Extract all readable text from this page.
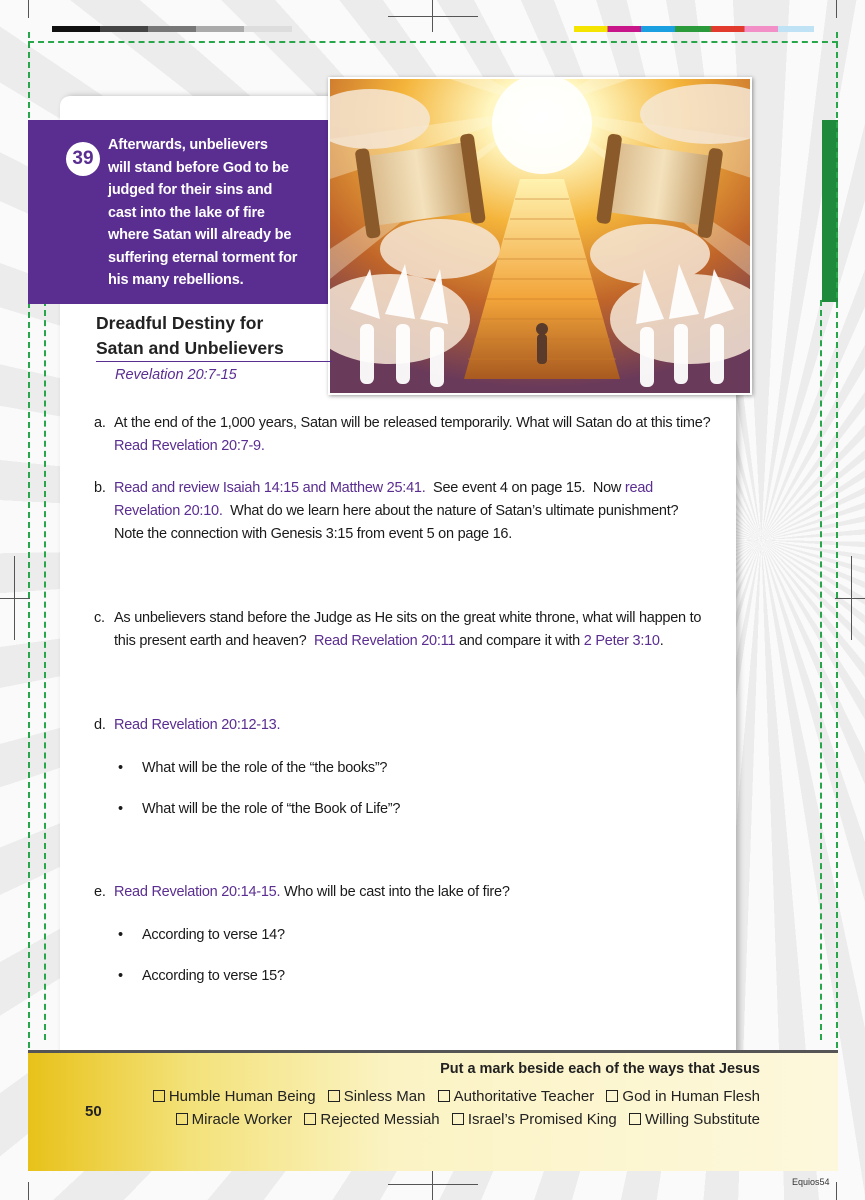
39
Afterwards, unbelievers
will stand before God to be
judged for their sins and
cast into the lake of fire
where Satan will already be
suffering eternal torment for
his many rebellions.
Dreadful Destiny for
Satan and Unbelievers
Revelation 20:7-15
a. At the end of the 1,000 years, Satan will be released temporarily. What will Satan do at this time?
Read Revelation 20:7-9.
b. Read and review Isaiah 14:15 and Matthew 25:41.  See event 4 on page 15.  Now read Revelation 20:10.  What do we learn here about the nature of Satan’s ultimate punishment?  Note the connection with Genesis 3:15 from event 5 on page 16.
c. As unbelievers stand before the Judge as He sits on the great white throne, what will happen to this present earth and heaven?  Read Revelation 20:11 and compare it with 2 Peter 3:10.
d. Read Revelation 20:12-13.
• What will be the role of the “the books”?
• What will be the role of “the Book of Life”?
e. Read Revelation 20:14-15. Who will be cast into the lake of fire?
• According to verse 14?
• According to verse 15?
50
Put a mark beside each of the ways that Jesus
Humble Human Being Sinless Man Authoritative Teacher God in Human Flesh
Miracle Worker Rejected Messiah Israel’s Promised King Willing Substitute
Equios54
